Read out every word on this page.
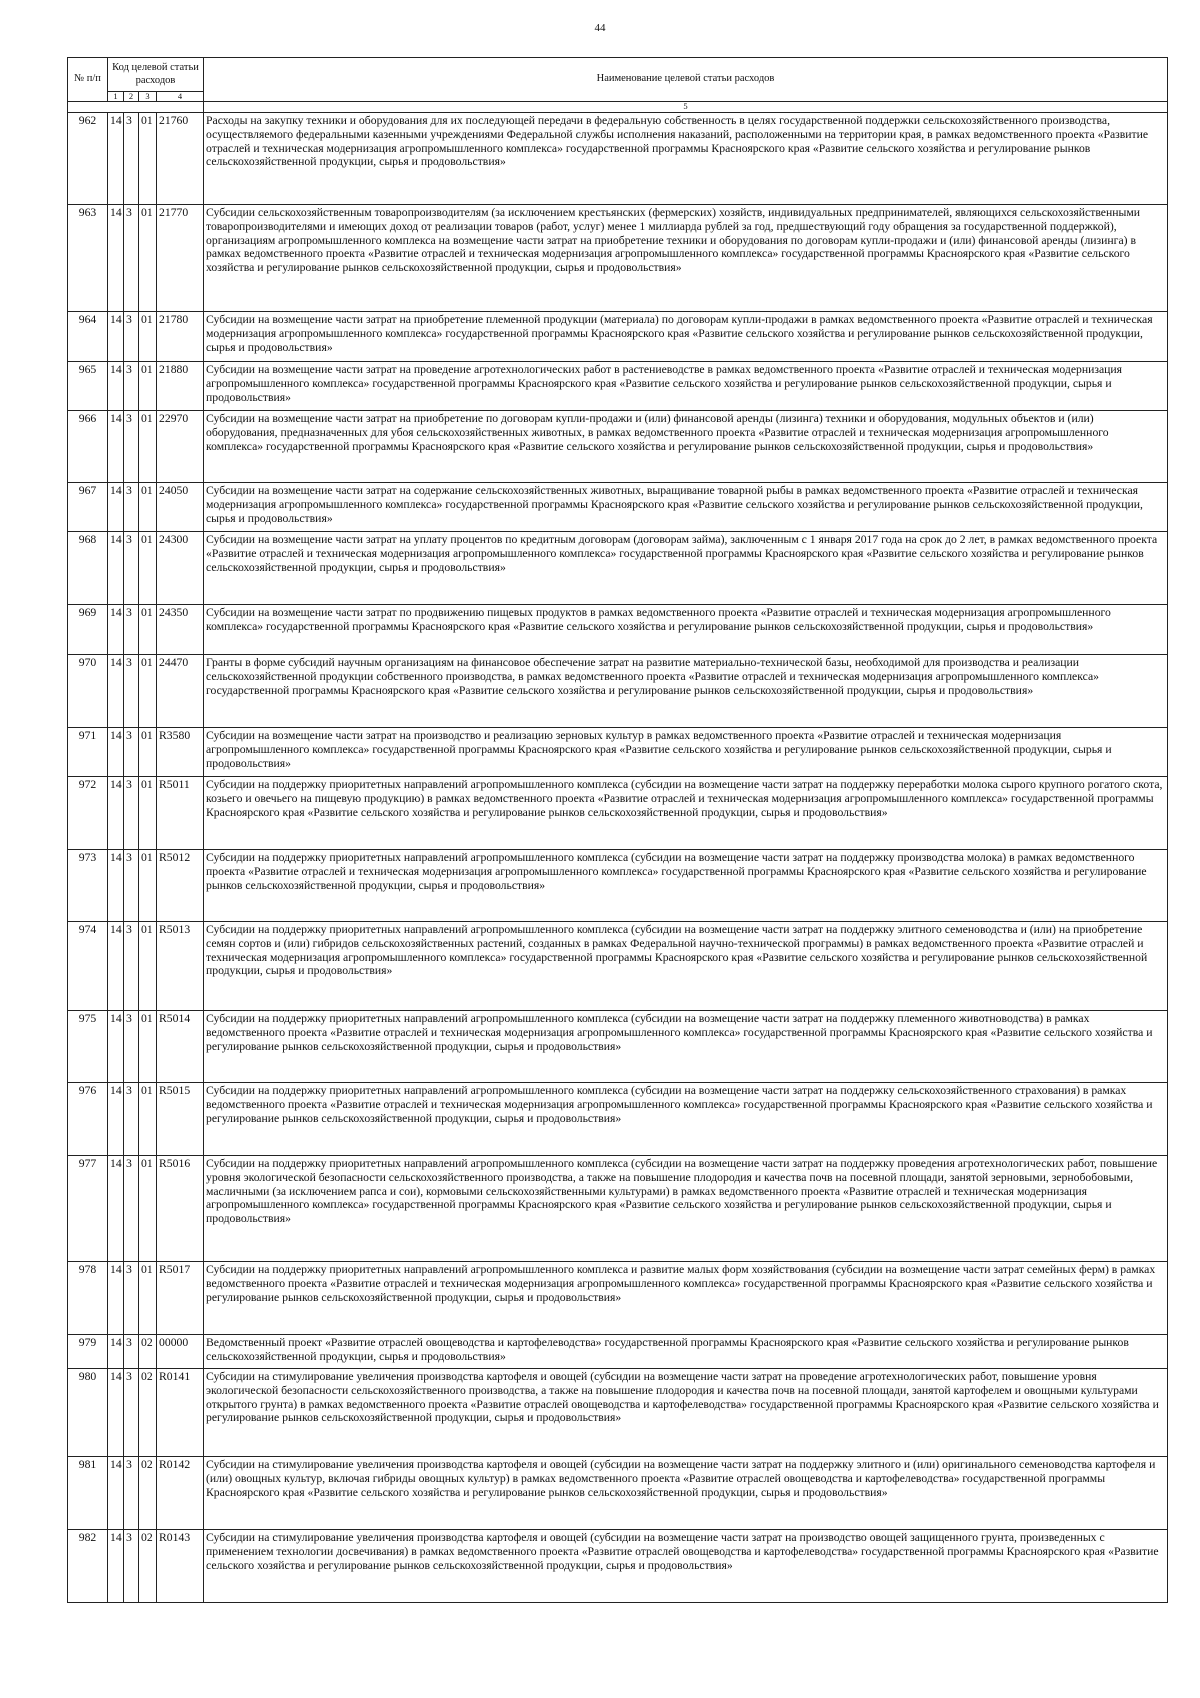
44
№ п/п	Код целевой статьи расходов				Наименование целевой статьи расходов
	1	2	3	4	
					5
962	14	3	01	21760	Расходы на закупку техники и оборудования для их последующей передачи в федеральную собственность в целях государственной поддержки сельскохозяйственного производства, осуществляемого федеральными казенными учреждениями Федеральной службы исполнения наказаний, расположенными на территории края, в рамках ведомственного проекта «Развитие отраслей и техническая модернизация агропромышленного комплекса» государственной программы Красноярского края «Развитие сельского хозяйства и регулирование рынков сельскохозяйственной продукции, сырья и продовольствия»
963	14	3	01	21770	Субсидии сельскохозяйственным товаропроизводителям (за исключением крестьянских (фермерских) хозяйств, индивидуальных предпринимателей, являющихся сельскохозяйственными товаропроизводителями и имеющих доход от реализации товаров (работ, услуг) менее 1 миллиарда рублей за год, предшествующий году обращения за государственной поддержкой), организациям агропромышленного комплекса на возмещение части затрат на приобретение техники и оборудования по договорам купли-продажи и (или) финансовой аренды (лизинга) в рамках ведомственного проекта «Развитие отраслей и техническая модернизация агропромышленного комплекса» государственной программы Красноярского края «Развитие сельского хозяйства и регулирование рынков сельскохозяйственной продукции, сырья и продовольствия»
964	14	3	01	21780	Субсидии на возмещение части затрат на приобретение племенной продукции (материала) по договорам купли-продажи в рамках ведомственного проекта «Развитие отраслей и техническая модернизация агропромышленного комплекса» государственной программы Красноярского края «Развитие сельского хозяйства и регулирование рынков сельскохозяйственной продукции, сырья и продовольствия»
965	14	3	01	21880	Субсидии на возмещение части затрат на проведение агротехнологических работ в растениеводстве в рамках ведомственного проекта «Развитие отраслей и техническая модернизация агропромышленного комплекса» государственной программы Красноярского края «Развитие сельского хозяйства и регулирование рынков сельскохозяйственной продукции, сырья и продовольствия»
966	14	3	01	22970	Субсидии на возмещение части затрат на приобретение по договорам купли-продажи и (или) финансовой аренды (лизинга) техники и оборудования, модульных объектов и (или) оборудования, предназначенных для убоя сельскохозяйственных животных, в рамках ведомственного проекта «Развитие отраслей и техническая модернизация агропромышленного комплекса» государственной программы Красноярского края «Развитие сельского хозяйства и регулирование рынков сельскохозяйственной продукции, сырья и продовольствия»
967	14	3	01	24050	Субсидии на возмещение части затрат на содержание сельскохозяйственных животных, выращивание товарной рыбы в рамках ведомственного проекта «Развитие отраслей и техническая модернизация агропромышленного комплекса» государственной программы Красноярского края «Развитие сельского хозяйства и регулирование рынков сельскохозяйственной продукции, сырья и продовольствия»
968	14	3	01	24300	Субсидии на возмещение части затрат на уплату процентов по кредитным договорам (договорам займа), заключенным с 1 января 2017 года на срок до 2 лет, в рамках ведомственного проекта «Развитие отраслей и техническая модернизация агропромышленного комплекса» государственной программы Красноярского края «Развитие сельского хозяйства и регулирование рынков сельскохозяйственной продукции, сырья и продовольствия»
969	14	3	01	24350	Субсидии на возмещение части затрат по продвижению пищевых продуктов в рамках ведомственного проекта «Развитие отраслей и техническая модернизация агропромышленного комплекса» государственной программы Красноярского края «Развитие сельского хозяйства и регулирование рынков сельскохозяйственной продукции, сырья и продовольствия»
970	14	3	01	24470	Гранты в форме субсидий научным организациям на финансовое обеспечение затрат на развитие материально-технической базы, необходимой для производства и реализации сельскохозяйственной продукции собственного производства, в рамках ведомственного проекта «Развитие отраслей и техническая модернизация агропромышленного комплекса» государственной программы Красноярского края «Развитие сельского хозяйства и регулирование рынков сельскохозяйственной продукции, сырья и продовольствия»
971	14	3	01	R3580	Субсидии на возмещение части затрат на производство и реализацию зерновых культур в рамках ведомственного проекта «Развитие отраслей и техническая модернизация агропромышленного комплекса» государственной программы Красноярского края «Развитие сельского хозяйства и регулирование рынков сельскохозяйственной продукции, сырья и продовольствия»
972	14	3	01	R5011	Субсидии на поддержку приоритетных направлений агропромышленного комплекса (субсидии на возмещение части затрат на поддержку переработки молока сырого крупного рогатого скота, козьего и овечьего на пищевую продукцию) в рамках ведомственного проекта «Развитие отраслей и техническая модернизация агропромышленного комплекса» государственной программы Красноярского края «Развитие сельского хозяйства и регулирование рынков сельскохозяйственной продукции, сырья и продовольствия»
973	14	3	01	R5012	Субсидии на поддержку приоритетных направлений агропромышленного комплекса (субсидии на возмещение части затрат на поддержку производства молока) в рамках ведомственного проекта «Развитие отраслей и техническая модернизация агропромышленного комплекса» государственной программы Красноярского края «Развитие сельского хозяйства и регулирование рынков сельскохозяйственной продукции, сырья и продовольствия»
974	14	3	01	R5013	Субсидии на поддержку приоритетных направлений агропромышленного комплекса (субсидии на возмещение части затрат на поддержку элитного семеноводства и (или) на приобретение семян сортов и (или) гибридов сельскохозяйственных растений, созданных в рамках Федеральной научно-технической программы) в рамках ведомственного проекта «Развитие отраслей и техническая модернизация агропромышленного комплекса» государственной программы Красноярского края «Развитие сельского хозяйства и регулирование рынков сельскохозяйственной продукции, сырья и продовольствия»
975	14	3	01	R5014	Субсидии на поддержку приоритетных направлений агропромышленного комплекса (субсидии на возмещение части затрат на поддержку племенного животноводства) в рамках ведомственного проекта «Развитие отраслей и техническая модернизация агропромышленного комплекса» государственной программы Красноярского края «Развитие сельского хозяйства и регулирование рынков сельскохозяйственной продукции, сырья и продовольствия»
976	14	3	01	R5015	Субсидии на поддержку приоритетных направлений агропромышленного комплекса (субсидии на возмещение части затрат на поддержку сельскохозяйственного страхования) в рамках ведомственного проекта «Развитие отраслей и техническая модернизация агропромышленного комплекса» государственной программы Красноярского края «Развитие сельского хозяйства и регулирование рынков сельскохозяйственной продукции, сырья и продовольствия»
977	14	3	01	R5016	Субсидии на поддержку приоритетных направлений агропромышленного комплекса (субсидии на возмещение части затрат на поддержку проведения агротехнологических работ, повышение уровня экологической безопасности сельскохозяйственного производства, а также на повышение плодородия и качества почв на посевной площади, занятой зерновыми, зернобобовыми, масличными (за исключением рапса и сои), кормовыми сельскохозяйственными культурами) в рамках ведомственного проекта «Развитие отраслей и техническая модернизация агропромышленного комплекса» государственной программы Красноярского края «Развитие сельского хозяйства и регулирование рынков сельскохозяйственной продукции, сырья и продовольствия»
978	14	3	01	R5017	Субсидии на поддержку приоритетных направлений агропромышленного комплекса и развитие малых форм хозяйствования (субсидии на возмещение части затрат семейных ферм) в рамках ведомственного проекта «Развитие отраслей и техническая модернизация агропромышленного комплекса» государственной программы Красноярского края «Развитие сельского хозяйства и регулирование рынков сельскохозяйственной продукции, сырья и продовольствия»
979	14	3	02	00000	Ведомственный проект «Развитие отраслей овощеводства и картофелеводства» государственной программы Красноярского края «Развитие сельского хозяйства и регулирование рынков сельскохозяйственной продукции, сырья и продовольствия»
980	14	3	02	R0141	Субсидии на стимулирование увеличения производства картофеля и овощей (субсидии на возмещение части затрат на проведение агротехнологических работ, повышение уровня экологической безопасности сельскохозяйственного производства, а также на повышение плодородия и качества почв на посевной площади, занятой картофелем и овощными культурами открытого грунта) в рамках ведомственного проекта «Развитие отраслей овощеводства и картофелеводства» государственной программы Красноярского края «Развитие сельского хозяйства и регулирование рынков сельскохозяйственной продукции, сырья и продовольствия»
981	14	3	02	R0142	Субсидии на стимулирование увеличения производства картофеля и овощей (субсидии на возмещение части затрат на поддержку элитного и (или) оригинального семеноводства картофеля и (или) овощных культур, включая гибриды овощных культур) в рамках ведомственного проекта «Развитие отраслей овощеводства и картофелеводства» государственной программы Красноярского края «Развитие сельского хозяйства и регулирование рынков сельскохозяйственной продукции, сырья и продовольствия»
982	14	3	02	R0143	Субсидии на стимулирование увеличения производства картофеля и овощей (субсидии на возмещение части затрат на производство овощей защищенного грунта, произведенных с применением технологии досвечивания) в рамках ведомственного проекта «Развитие отраслей овощеводства и картофелеводства» государственной программы Красноярского края «Развитие сельского хозяйства и регулирование рынков сельскохозяйственной продукции, сырья и продовольствия»
